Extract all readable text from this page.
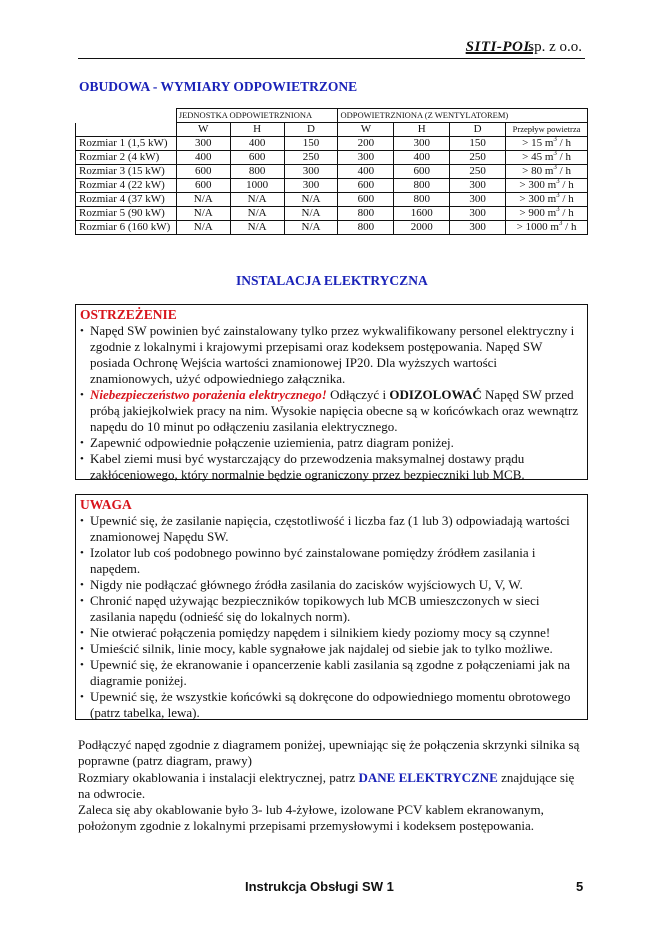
SITI-POL
sp. z o.o.
OBUDOWA - WYMIARY ODPOWIETRZONE
	JEDNOSTKA ODPOWIETRZNIONA			ODPOWIETRZNIONA (Z WENTYLATOREM)			
	W	H	D	W	H	D	Przepływ powietrza
Rozmiar 1 (1,5 kW)	300	400	150	200	300	150	> 15 $m^3$ / h
Rozmiar 2 (4 kW)	400	600	250	300	400	250	> 45 $m^3$ / h
Rozmiar 3 (15 kW)	600	800	300	400	600	250	> 80 $m^3$ / h
Rozmiar 4 (22 kW)	600	1000	300	600	800	300	> 300 $m^3$ / h
Rozmiar 4 (37 kW)	N/A	N/A	N/A	600	800	300	> 300 $m^3$ / h
Rozmiar 5 (90 kW)	N/A	N/A	N/A	800	1600	300	> 900 $m^3$ / h
Rozmiar 6 (160 kW)	N/A	N/A	N/A	800	2000	300	> 1000 $m^3$ / h
INSTALACJA ELEKTRYCZNA
OSTRZEŻENIE
• Napęd SW powinien być zainstalowany tylko przez wykwalifikowany personel elektryczny i zgodnie z lokalnymi i krajowymi przepisami oraz kodeksem postępowania. Napęd SW posiada Ochronę Wejścia wartości znamionowej IP20. Dla wyższych wartości znamionowych, użyć odpowiedniego załącznika.
• Niebezpieczeństwo porażenia elektrycznego! Odłączyć i ODIZOLOWAĆ Napęd SW przed próbą jakiejkolwiek pracy na nim. Wysokie napięcia obecne są w końcówkach oraz wewnątrz napędu do 10 minut po odłączeniu zasilania elektrycznego.
• Zapewnić odpowiednie połączenie uziemienia, patrz diagram poniżej.
• Kabel ziemi musi być wystarczający do przewodzenia maksymalnej dostawy prądu zakłóceniowego, który normalnie będzie ograniczony przez bezpieczniki lub MCB.
UWAGA
• Upewnić się, że zasilanie napięcia, częstotliwość i liczba faz (1 lub 3) odpowiadają wartości znamionowej Napędu SW.
• Izolator lub coś podobnego powinno być zainstalowane pomiędzy źródłem zasilania i napędem.
• Nigdy nie podłączać głównego źródła zasilania do zacisków wyjściowych U, V, W.
• Chronić napęd używając bezpieczników topikowych lub MCB umieszczonych w sieci zasilania napędu (odnieść się do lokalnych norm).
• Nie otwierać połączenia pomiędzy napędem i silnikiem kiedy poziomy mocy są czynne!
• Umieścić silnik, linie mocy, kable sygnałowe jak najdalej od siebie jak to tylko możliwe.
• Upewnić się, że ekranowanie i opancerzenie kabli zasilania są zgodne z połączeniami jak na diagramie poniżej.
• Upewnić się, że wszystkie końcówki są dokręcone do odpowiedniego momentu obrotowego (patrz tabelka, lewa).
Podłączyć napęd zgodnie z diagramem poniżej, upewniając się że połączenia skrzynki silnika są poprawne (patrz diagram, prawy)
Rozmiary okablowania i instalacji elektrycznej, patrz DANE ELEKTRYCZNE znajdujące się na odwrocie.
Zaleca się aby okablowanie było 3- lub 4-żyłowe, izolowane PCV kablem ekranowanym, położonym zgodnie z lokalnymi przepisami przemysłowymi i kodeksem postępowania.
Instrukcja Obsługi SW 1	5
